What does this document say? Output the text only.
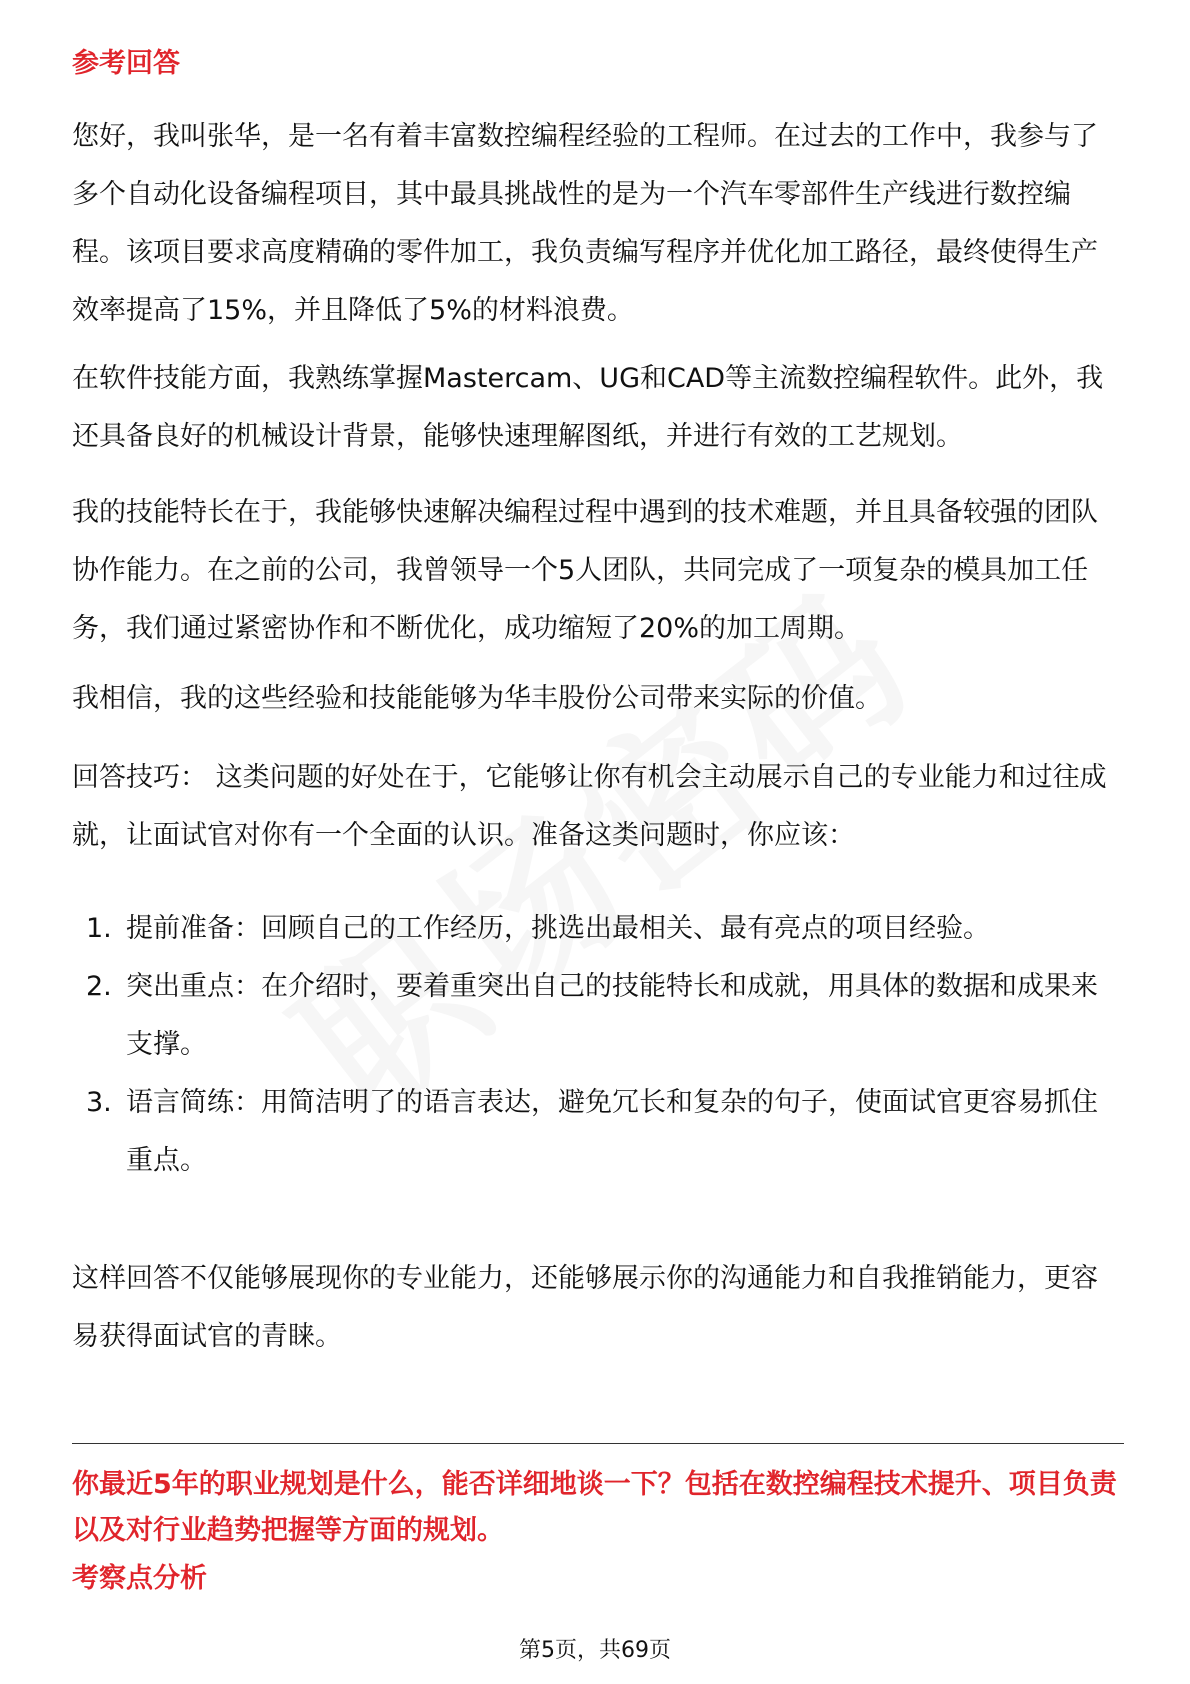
参考回答

您好，我叫张华，是一名有着丰富数控编程经验的工程师。在过去的工作中，我参与了多个自动化设备编程项目，其中最具挑战性的是为一个汽车零部件生产线进行数控编程。该项目要求高度精确的零件加工，我负责编写程序并优化加工路径，最终使得生产效率提高了15%，并且降低了5%的材料浪费。

在软件技能方面，我熟练掌握Mastercam、UG和CAD等主流数控编程软件。此外，我还具备良好的机械设计背景，能够快速理解图纸，并进行有效的工艺规划。

我的技能特长在于，我能够快速解决编程过程中遇到的技术难题，并且具备较强的团队协作能力。在之前的公司，我曾领导一个5人团队，共同完成了一项复杂的模具加工任务，我们通过紧密协作和不断优化，成功缩短了20%的加工周期。

我相信，我的这些经验和技能能够为华丰股份公司带来实际的价值。

回答技巧： 这类问题的好处在于，它能够让你有机会主动展示自己的专业能力和过往成就，让面试官对你有一个全面的认识。准备这类问题时，你应该：

1. 提前准备：回顾自己的工作经历，挑选出最相关、最有亮点的项目经验。
2. 突出重点：在介绍时，要着重突出自己的技能特长和成就，用具体的数据和成果来支撑。
3. 语言简练：用简洁明了的语言表达，避免冗长和复杂的句子，使面试官更容易抓住重点。

这样回答不仅能够展现你的专业能力，还能够展示你的沟通能力和自我推销能力，更容易获得面试官的青睐。

你最近5年的职业规划是什么，能否详细地谈一下？包括在数控编程技术提升、项目负责以及对行业趋势把握等方面的规划。

考察点分析
第5页，共69页
